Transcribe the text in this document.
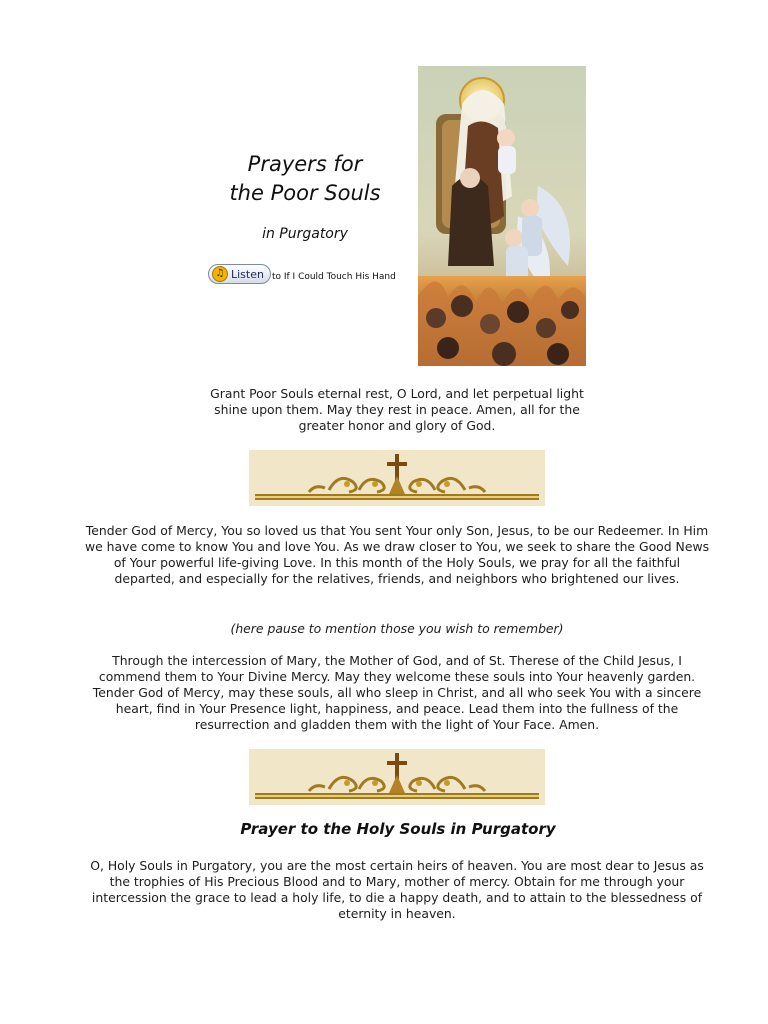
Prayers for
the Poor Souls
in Purgatory
♫ Listen to If I Could Touch His Hand
Grant Poor Souls eternal rest, O Lord, and let perpetual light shine upon them. May they rest in peace. Amen, all for the greater honor and glory of God.
Tender God of Mercy, You so loved us that You sent Your only Son, Jesus, to be our Redeemer. In Him we have come to know You and love You. As we draw closer to You, we seek to share the Good News of Your powerful life-giving Love. In this month of the Holy Souls, we pray for all the faithful departed, and especially for the relatives, friends, and neighbors who brightened our lives.
(here pause to mention those you wish to remember)
Through the intercession of Mary, the Mother of God, and of St. Therese of the Child Jesus, I commend them to Your Divine Mercy. May they welcome these souls into Your heavenly garden. Tender God of Mercy, may these souls, all who sleep in Christ, and all who seek You with a sincere heart, find in Your Presence light, happiness, and peace. Lead them into the fullness of the resurrection and gladden them with the light of Your Face. Amen.
Prayer to the Holy Souls in Purgatory
O, Holy Souls in Purgatory, you are the most certain heirs of heaven. You are most dear to Jesus as the trophies of His Precious Blood and to Mary, mother of mercy. Obtain for me through your intercession the grace to lead a holy life, to die a happy death, and to attain to the blessedness of eternity in heaven.
